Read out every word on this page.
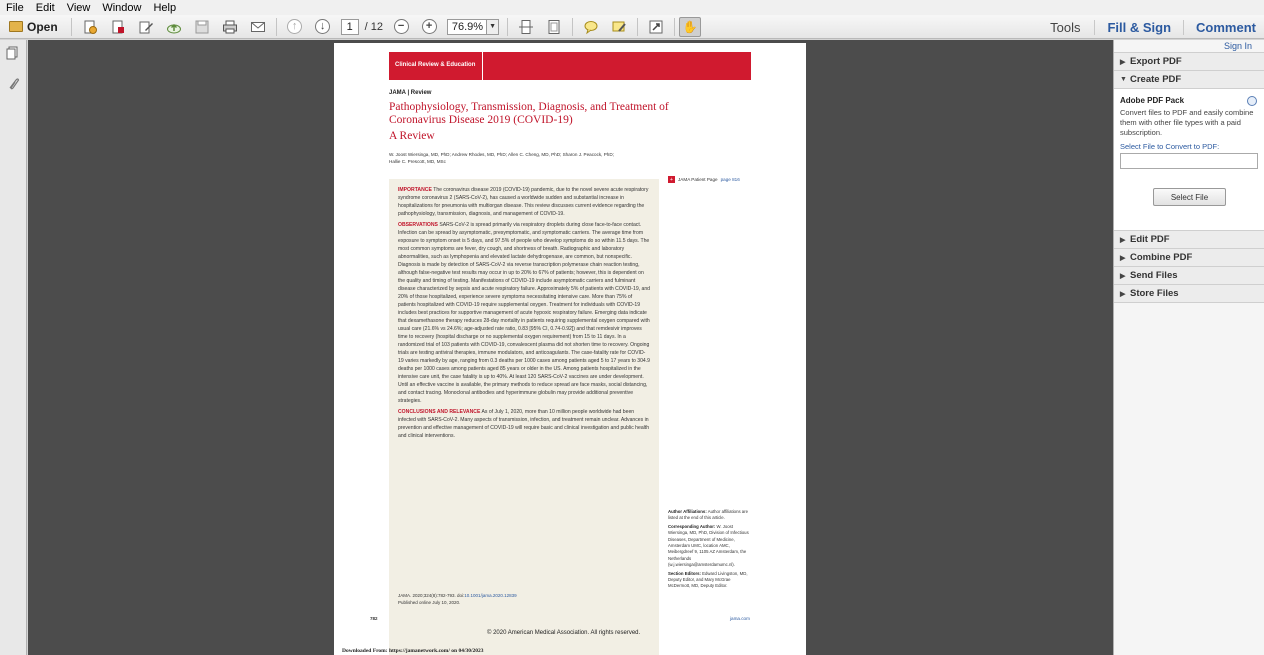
File	Edit	View	Window	Help
Open	↑	↓	1	/ 12	−	+	76.9% ▼	✋	Tools	Fill & Sign	Comment

Clinical Review & Education
JAMA | Review
Pathophysiology, Transmission, Diagnosis, and Treatment of Coronavirus Disease 2019 (COVID-19)
A Review
W. Joost Wiersinga, MD, PhD; Andrew Rhodes, MD, PhD; Allen C. Cheng, MD, PhD; Sharon J. Peacock, PhD; Hallie C. Prescott, MD, MSc
+	JAMA Patient Page page 816

IMPORTANCE The coronavirus disease 2019 (COVID-19) pandemic, due to the novel severe acute respiratory syndrome coronavirus 2 (SARS-CoV-2), has caused a worldwide sudden and substantial increase in hospitalizations for pneumonia with multiorgan disease. This review discusses current evidence regarding the pathophysiology, transmission, diagnosis, and management of COVID-19.

OBSERVATIONS SARS-CoV-2 is spread primarily via respiratory droplets during close face-to-face contact. Infection can be spread by asymptomatic, presymptomatic, and symptomatic carriers. The average time from exposure to symptom onset is 5 days, and 97.5% of people who develop symptoms do so within 11.5 days. The most common symptoms are fever, dry cough, and shortness of breath. Radiographic and laboratory abnormalities, such as lymphopenia and elevated lactate dehydrogenase, are common, but nonspecific. Diagnosis is made by detection of SARS-CoV-2 via reverse transcription polymerase chain reaction testing, although false-negative test results may occur in up to 20% to 67% of patients; however, this is dependent on the quality and timing of testing. Manifestations of COVID-19 include asymptomatic carriers and fulminant disease characterized by sepsis and acute respiratory failure. Approximately 5% of patients with COVID-19, and 20% of those hospitalized, experience severe symptoms necessitating intensive care. More than 75% of patients hospitalized with COVID-19 require supplemental oxygen. Treatment for individuals with COVID-19 includes best practices for supportive management of acute hypoxic respiratory failure. Emerging data indicate that dexamethasone therapy reduces 28-day mortality in patients requiring supplemental oxygen compared with usual care (21.6% vs 24.6%; age-adjusted rate ratio, 0.83 [95% CI, 0.74-0.92]) and that remdesivir improves time to recovery (hospital discharge or no supplemental oxygen requirement) from 15 to 11 days. In a randomized trial of 103 patients with COVID-19, convalescent plasma did not shorten time to recovery. Ongoing trials are testing antiviral therapies, immune modulators, and anticoagulants. The case-fatality rate for COVID-19 varies markedly by age, ranging from 0.3 deaths per 1000 cases among patients aged 5 to 17 years to 304.9 deaths per 1000 cases among patients aged 85 years or older in the US. Among patients hospitalized in the intensive care unit, the case fatality is up to 40%. At least 120 SARS-CoV-2 vaccines are under development. Until an effective vaccine is available, the primary methods to reduce spread are face masks, social distancing, and contact tracing. Monoclonal antibodies and hyperimmune globulin may provide additional preventive strategies.

CONCLUSIONS AND RELEVANCE As of July 1, 2020, more than 10 million people worldwide had been infected with SARS-CoV-2. Many aspects of transmission, infection, and treatment remain unclear. Advances in prevention and effective management of COVID-19 will require basic and clinical investigation and public health and clinical interventions.

JAMA. 2020;324(8):782-793. doi:10.1001/jama.2020.12839
Published online July 10, 2020.

Author Affiliations: Author affiliations are listed at the end of this article.

Corresponding Author: W. Joost Wiersinga, MD, PhD, Division of Infectious Diseases, Department of Medicine, Amsterdam UMC, location AMC, Meibergdreef 9, 1105 AZ Amsterdam, the Netherlands (w.j.wiersinga@amsterdamumc.nl).

Section Editors: Edward Livingston, MD, Deputy Editor, and Mary McGrae McDermott, MD, Deputy Editor.

782	jama.com
© 2020 American Medical Association. All rights reserved.
Downloaded From: https://jamanetwork.com/ on 04/30/2023
Sign In
▶ Export PDF
▼ Create PDF
Adobe PDF Pack
Convert files to PDF and easily combine them with other file types with a paid subscription.
Select File to Convert to PDF:
Select File
▶ Edit PDF
▶ Combine PDF
▶ Send Files
▶ Store Files
